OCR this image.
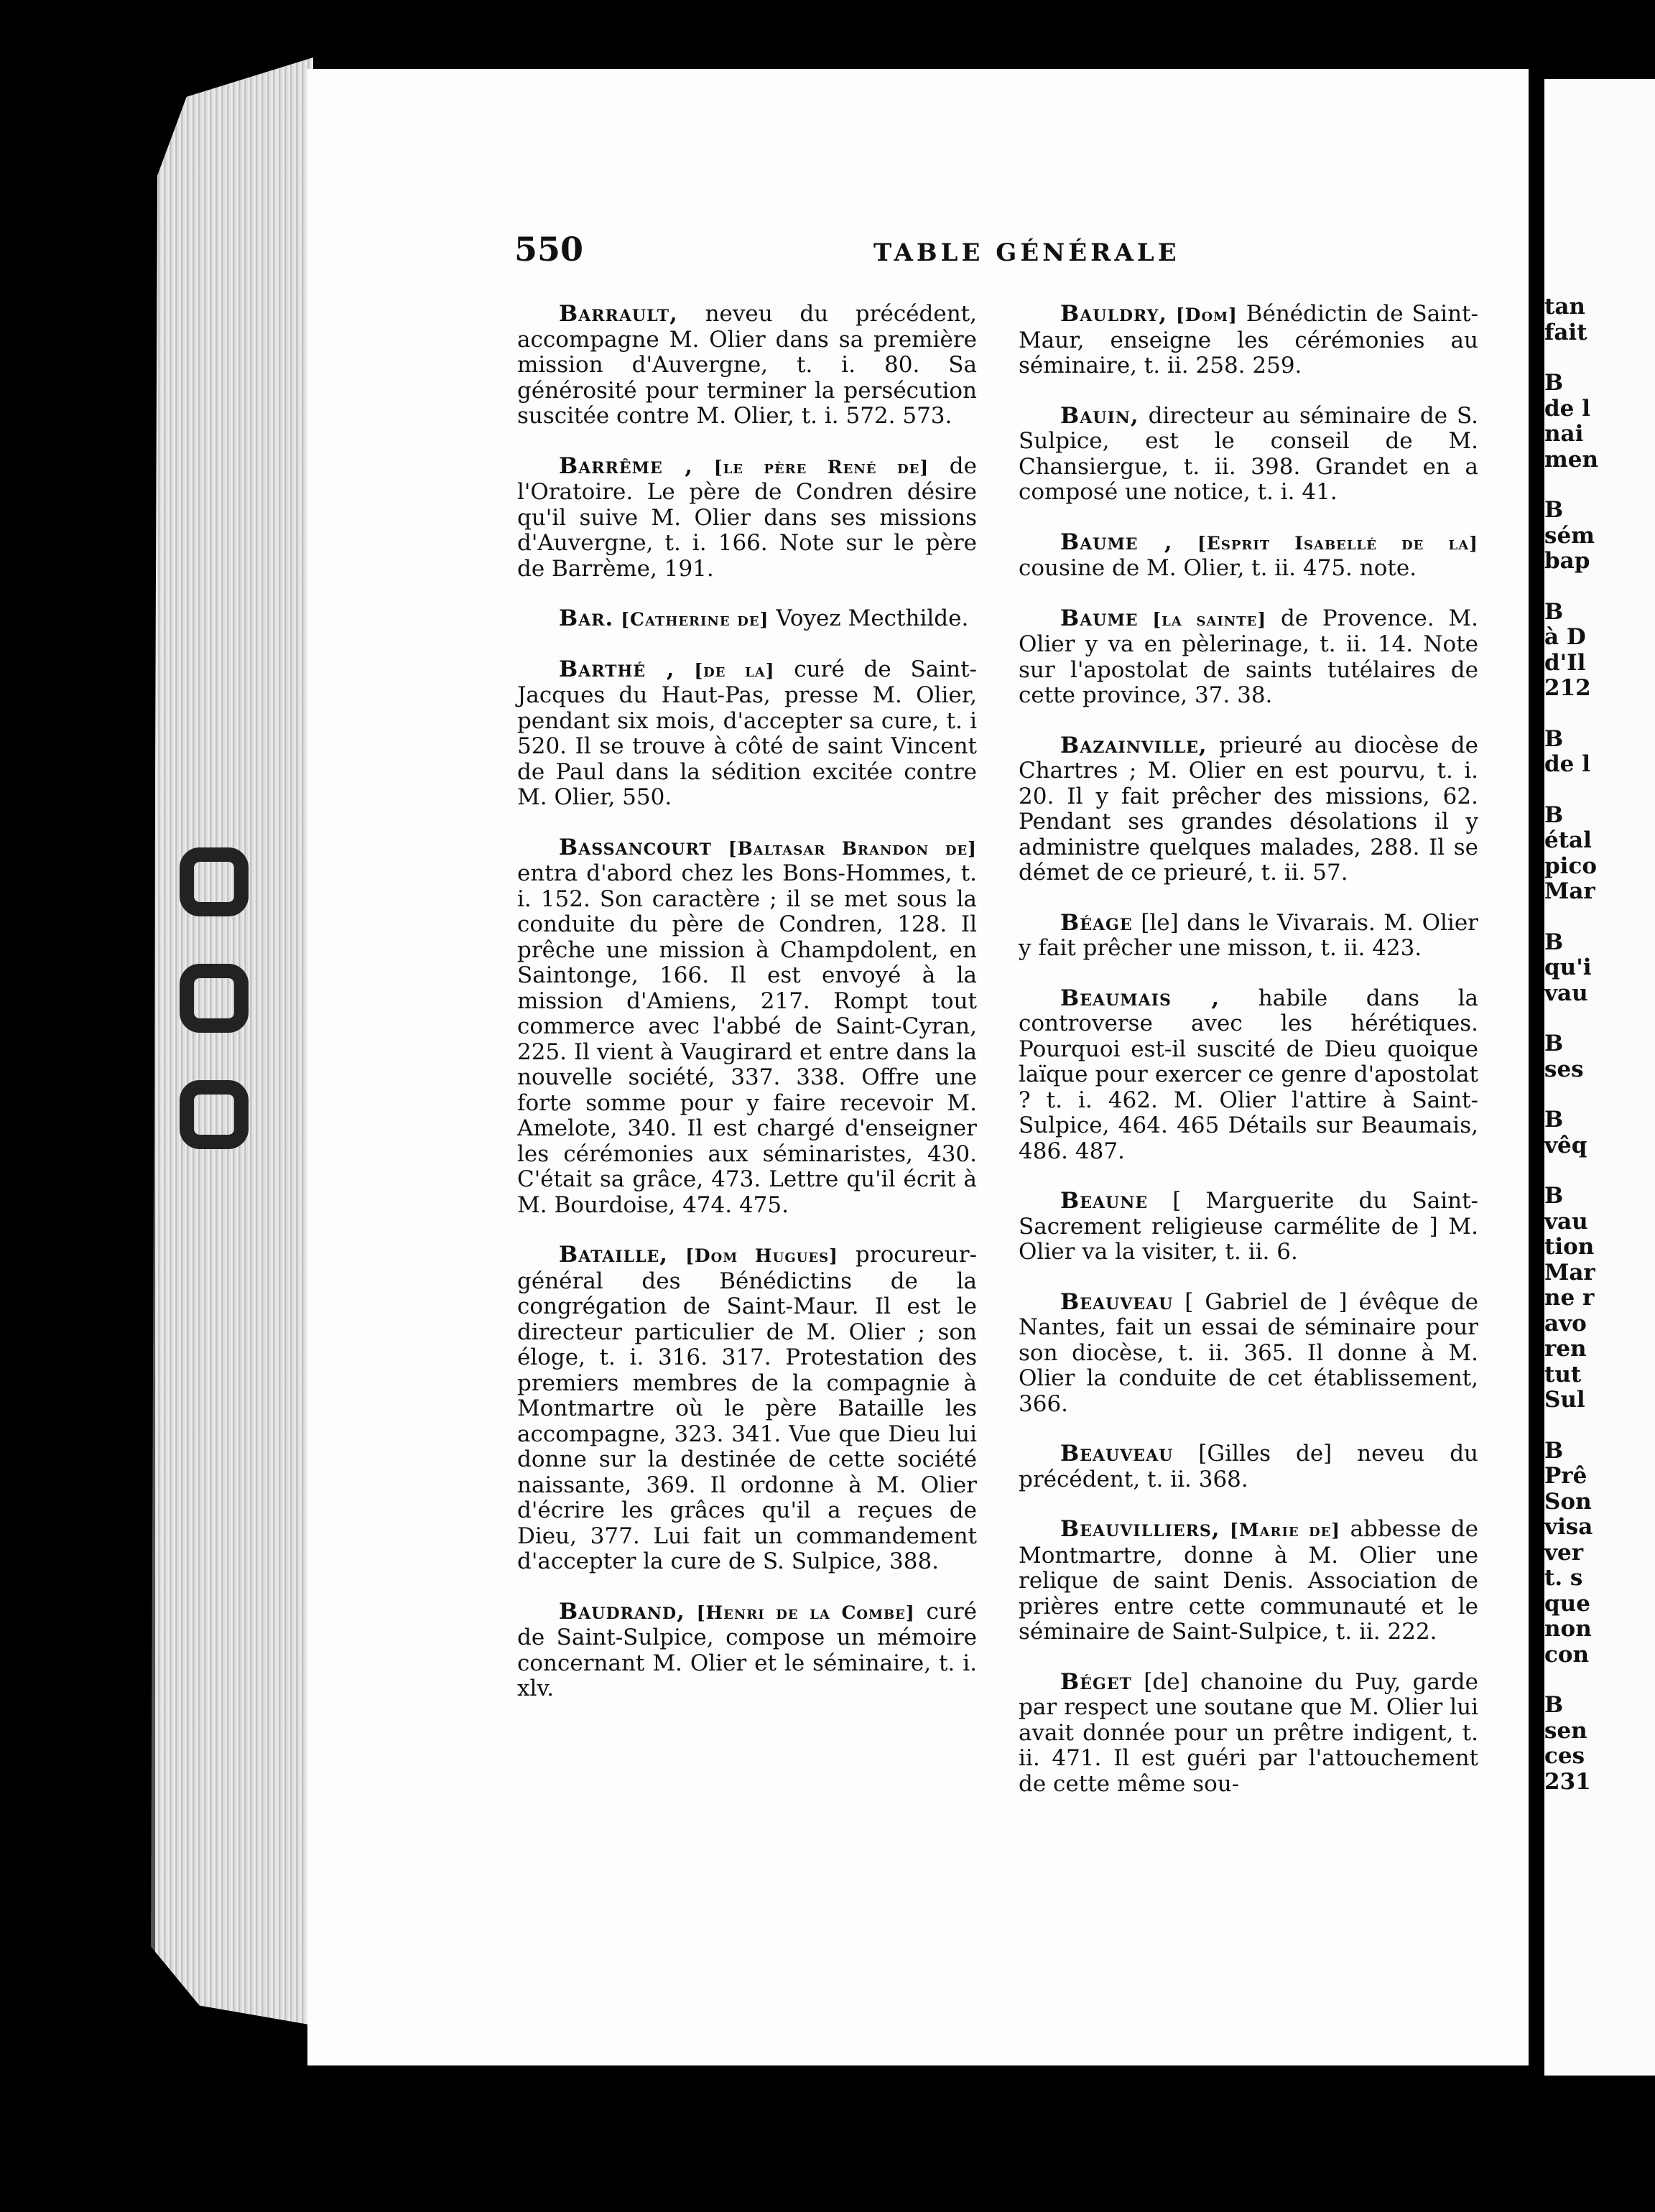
tan
fait
B
de l
nai
men
B
sém
bap
B
à D
d'Il
212
B
de l
B
étal
pico
Mar
B
qu'i
vau
B
ses
B
vêq
B
vau
tion
Mar
ne r
avo
ren
tut
Sul
B
Prê
Son
visa
ver
t. s
que
non
con
B
sen
ces
231
550	TABLE GÉNÉRALE

Barrault, neveu du précédent, accompagne M. Olier dans sa première mission d'Auvergne, t. i. 80. Sa générosité pour terminer la persécution suscitée contre M. Olier, t. i. 572. 573.

Barrême , [le père René de] de l'Oratoire. Le père de Condren désire qu'il suive M. Olier dans ses missions d'Auvergne, t. i. 166. Note sur le père de Barrème, 191.

Bar. [Catherine de] Voyez Mecthilde.

Barthé , [de la] curé de Saint-Jacques du Haut-Pas, presse M. Olier, pendant six mois, d'accepter sa cure, t. i 520. Il se trouve à côté de saint Vincent de Paul dans la sédition excitée contre M. Olier, 550.

Bassancourt [Baltasar Brandon de] entra d'abord chez les Bons-Hommes, t. i. 152. Son caractère ; il se met sous la conduite du père de Condren, 128. Il prêche une mission à Champdolent, en Saintonge, 166. Il est envoyé à la mission d'Amiens, 217. Rompt tout commerce avec l'abbé de Saint-Cyran, 225. Il vient à Vaugirard et entre dans la nouvelle société, 337. 338. Offre une forte somme pour y faire recevoir M. Amelote, 340. Il est chargé d'enseigner les cérémonies aux séminaristes, 430. C'était sa grâce, 473. Lettre qu'il écrit à M. Bourdoise, 474. 475.

Bataille, [Dom Hugues] procureur-général des Bénédictins de la congrégation de Saint-Maur. Il est le directeur particulier de M. Olier ; son éloge, t. i. 316. 317. Protestation des premiers membres de la compagnie à Montmartre où le père Bataille les accompagne, 323. 341. Vue que Dieu lui donne sur la destinée de cette société naissante, 369. Il ordonne à M. Olier d'écrire les grâces qu'il a reçues de Dieu, 377. Lui fait un commandement d'accepter la cure de S. Sulpice, 388.

Baudrand, [Henri de la Combe] curé de Saint-Sulpice, compose un mémoire concernant M. Olier et le séminaire, t. i. xlv.

Bauldry, [Dom] Bénédictin de Saint-Maur, enseigne les cérémonies au séminaire, t. ii. 258. 259.

Bauin, directeur au séminaire de S. Sulpice, est le conseil de M. Chansiergue, t. ii. 398. Grandet en a composé une notice, t. i. 41.

Baume , [Esprit Isabellé de la] cousine de M. Olier, t. ii. 475. note.

Baume [la sainte] de Provence. M. Olier y va en pèlerinage, t. ii. 14. Note sur l'apostolat de saints tutélaires de cette province, 37. 38.

Bazainville, prieuré au diocèse de Chartres ; M. Olier en est pourvu, t. i. 20. Il y fait prêcher des missions, 62. Pendant ses grandes désolations il y administre quelques malades, 288. Il se démet de ce prieuré, t. ii. 57.

Béage [le] dans le Vivarais. M. Olier y fait prêcher une misson, t. ii. 423.

Beaumais , habile dans la controverse avec les hérétiques. Pourquoi est-il suscité de Dieu quoique laïque pour exercer ce genre d'apostolat ? t. i. 462. M. Olier l'attire à Saint-Sulpice, 464. 465 Détails sur Beaumais, 486. 487.

Beaune [ Marguerite du Saint-Sacrement religieuse carmélite de ] M. Olier va la visiter, t. ii. 6.

Beauveau [ Gabriel de ] évêque de Nantes, fait un essai de séminaire pour son diocèse, t. ii. 365. Il donne à M. Olier la conduite de cet établissement, 366.

Beauveau [Gilles de] neveu du précédent, t. ii. 368.

Beauvilliers, [Marie de] abbesse de Montmartre, donne à M. Olier une relique de saint Denis. Association de prières entre cette communauté et le séminaire de Saint-Sulpice, t. ii. 222.

Béget [de] chanoine du Puy, garde par respect une soutane que M. Olier lui avait donnée pour un prêtre indigent, t. ii. 471. Il est guéri par l'attouchement de cette même sou-
